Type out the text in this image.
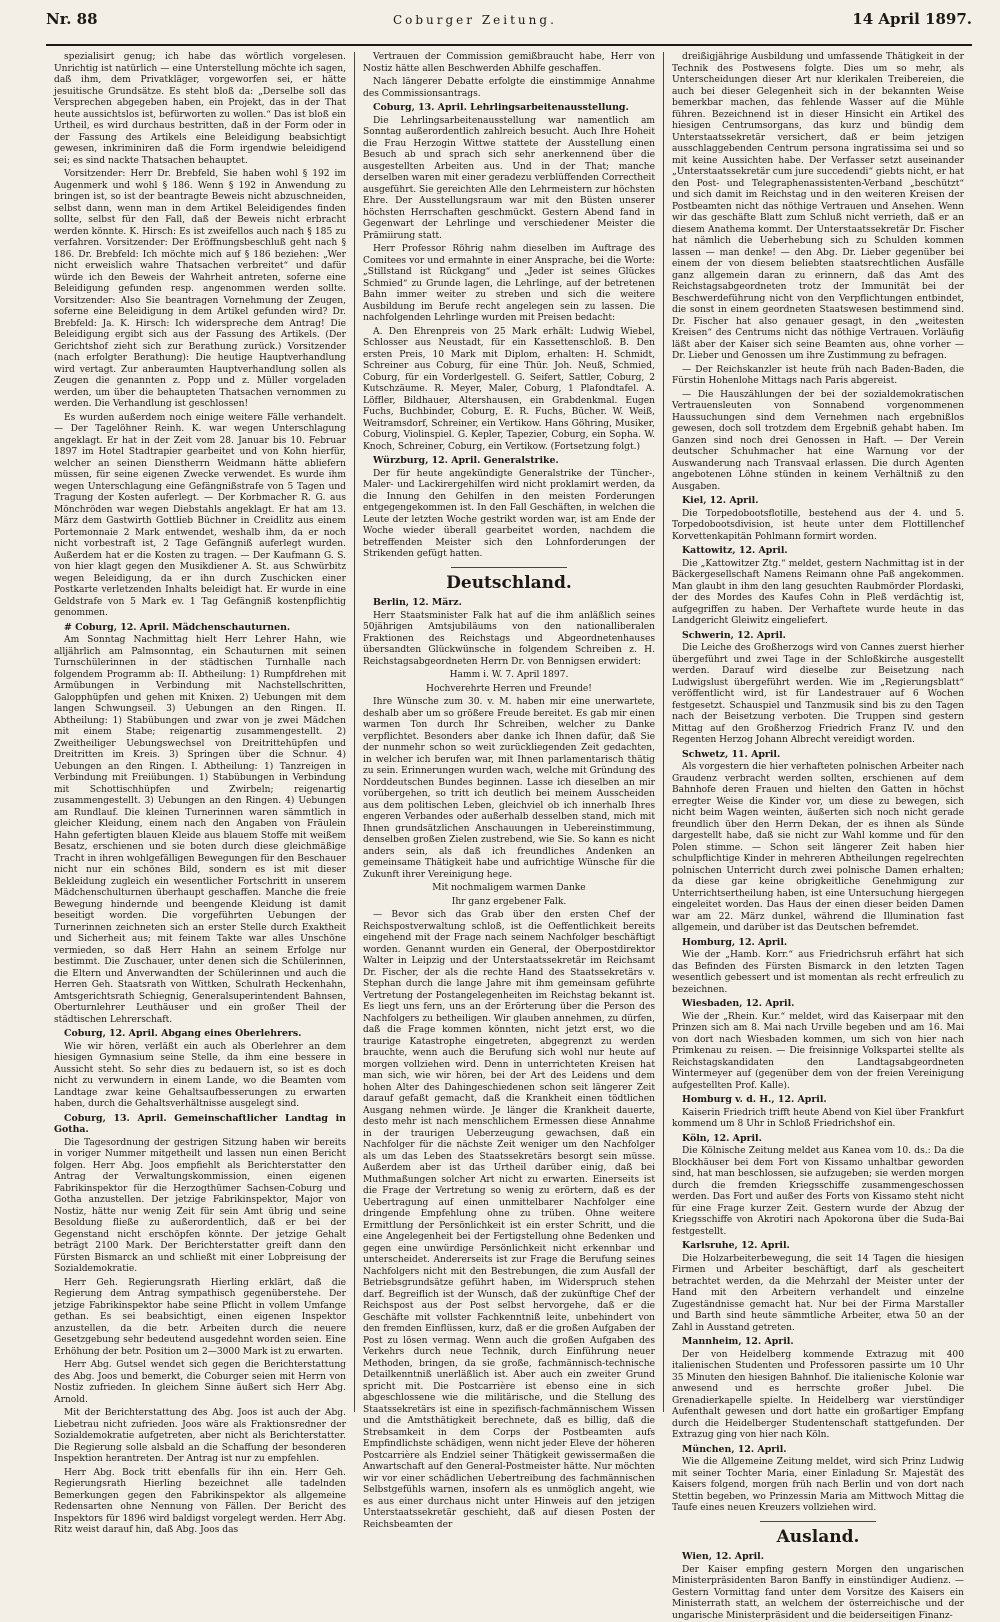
Nr. 88	Coburger Zeitung.	14 April 1897.

spezialisirt genug; ich habe das wörtlich vorgelesen. Unrichtig ist natürlich — eine Unterstellung möchte ich sagen, daß ihm, dem Privatkläger, vorgeworfen sei, er hätte jesuitische Grundsätze. Es steht bloß da: „Derselbe soll das Versprechen abgegeben haben, ein Projekt, das in der That heute aussichtslos ist, befürworten zu wollen.“ Das ist bloß ein Urtheil, es wird durchaus bestritten, daß in der Form oder in der Fassung des Artikels eine Beleidigung beabsichtigt gewesen, inkriminiren daß die Form irgendwie beleidigend sei; es sind nackte Thatsachen behauptet.

Vorsitzender: Herr Dr. Brebfeld, Sie haben wohl § 192 im Augenmerk und wohl § 186. Wenn § 192 in Anwendung zu bringen ist, so ist der beantragte Beweis nicht abzuschneiden, selbst dann, wenn man in dem Artikel Beleidigendes finden sollte, selbst für den Fall, daß der Beweis nicht erbracht werden könnte. K. Hirsch: Es ist zweifellos auch nach § 185 zu verfahren. Vorsitzender: Der Eröffnungsbeschluß geht nach § 186. Dr. Brebfeld: Ich möchte mich auf § 186 beziehen: „Wer nicht erweislich wahre Thatsachen verbreitet“ und dafür würde ich den Beweis der Wahrheit antreten, soferne eine Beleidigung gefunden resp. angenommen werden sollte. Vorsitzender: Also Sie beantragen Vornehmung der Zeugen, soferne eine Beleidigung in dem Artikel gefunden wird? Dr. Brebfeld: Ja. K. Hirsch: Ich widerspreche dem Antrag! Die Beleidigung ergibt sich aus der Fassung des Artikels. (Der Gerichtshof zieht sich zur Berathung zurück.) Vorsitzender (nach erfolgter Berathung): Die heutige Hauptverhandlung wird vertagt. Zur anberaumten Hauptverhandlung sollen als Zeugen die genannten z. Popp und z. Müller vorgeladen werden, um über die behaupteten Thatsachen vernommen zu werden. Die Verhandlung ist geschlossen!

Es wurden außerdem noch einige weitere Fälle verhandelt. — Der Tagelöhner Reinh. K. war wegen Unterschlagung angeklagt. Er hat in der Zeit vom 28. Januar bis 10. Februar 1897 im Hotel Stadtrapier gearbeitet und von Kohn hierfür, welcher an seinen Dienstherrn Weidmann hätte abliefern müssen, für seine eigenen Zwecke verwendet. Es wurde ihm wegen Unterschlagung eine Gefängnißstrafe von 5 Tagen und Tragung der Kosten auferlegt. — Der Korbmacher R. G. aus Mönchröden war wegen Diebstahls angeklagt. Er hat am 13. März dem Gastwirth Gottlieb Büchner in Creidlitz aus einem Portemonnaie 2 Mark entwendet, weshalb ihm, da er noch nicht vorbestraft ist, 2 Tage Gefängniß auferlegt wurden. Außerdem hat er die Kosten zu tragen. — Der Kaufmann G. S. von hier klagt gegen den Musikdiener A. St. aus Schwürbitz wegen Beleidigung, da er ihn durch Zuschicken einer Postkarte verletzenden Inhalts beleidigt hat. Er wurde in eine Geldstrafe von 5 Mark ev. 1 Tag Gefängniß kostenpflichtig genommen.

# Coburg, 12. April. Mädchenschauturnen.

Am Sonntag Nachmittag hielt Herr Lehrer Hahn, wie alljährlich am Palmsonntag, ein Schauturnen mit seinen Turnschülerinnen in der städtischen Turnhalle nach folgendem Programm ab: II. Abtheilung: 1) Rumpfdrehen mit Armübungen in Verbindung mit Nachstellschritten, Galopphüpfen und gehen mit Knixen. 2) Uebungen mit dem langen Schwungseil. 3) Uebungen an den Ringen. II. Abtheilung: 1) Stabübungen und zwar von je zwei Mädchen mit einem Stabe; reigenartig zusammengestellt. 2) Zweitheiliger Uebungswechsel von Dreitrittehüpfen und Dreitritten im Kreis. 3) Springen über die Schnur. 4) Uebungen an den Ringen. I. Abtheilung: 1) Tanzreigen in Verbindung mit Freiübungen. 1) Stabübungen in Verbindung mit Schottischhüpfen und Zwirbeln; reigenartig zusammengestellt. 3) Uebungen an den Ringen. 4) Uebungen am Rundlauf. Die kleinen Turnerinnen waren sämmtlich in gleicher Kleidung, einem nach den Angaben von Fräulein Hahn gefertigten blauen Kleide aus blauem Stoffe mit weißem Besatz, erschienen und sie boten durch diese gleichmäßige Tracht in ihren wohlgefälligen Bewegungen für den Beschauer nicht nur ein schönes Bild, sondern es ist mit dieser Bekleidung zugleich ein wesentlicher Fortschritt in unserem Mädchenschulturnen überhaupt geschaffen. Manche die freie Bewegung hindernde und beengende Kleidung ist damit beseitigt worden. Die vorgeführten Uebungen der Turnerinnen zeichneten sich an erster Stelle durch Exaktheit und Sicherheit aus; mit feinem Takte war alles Unschöne vermieden, so daß Herr Hahn an seinem Erfolge nur bestimmt. Die Zuschauer, unter denen sich die Schülerinnen, die Eltern und Anverwandten der Schülerinnen und auch die Herren Geh. Staatsrath von Wittken, Schulrath Heckenhahn, Amtsgerichtsrath Schiegnig, Generalsuperintendent Bahnsen, Oberturnlehrer Leuthäuser und ein großer Theil der städtischen Lehrerschaft.

Coburg, 12. April. Abgang eines Oberlehrers.

Wie wir hören, verläßt ein auch als Oberlehrer an dem hiesigen Gymnasium seine Stelle, da ihm eine bessere in Aussicht steht. So sehr dies zu bedauern ist, so ist es doch nicht zu verwundern in einem Lande, wo die Beamten vom Landtage zwar keine Gehaltsaufbesserungen zu erwarten haben, durch die Gehaltsverhältnisse ausgelegt sind.

Coburg, 13. April. Gemeinschaftlicher Landtag in Gotha.

Die Tagesordnung der gestrigen Sitzung haben wir bereits in voriger Nummer mitgetheilt und lassen nun einen Bericht folgen. Herr Abg. Joos empfiehlt als Berichterstatter den Antrag der Verwaltungskommission, einen eigenen Fabrikinspektor für die Herzogthümer Sachsen-Coburg und Gotha anzustellen. Der jetzige Fabrikinspektor, Major von Nostiz, hätte nur wenig Zeit für sein Amt übrig und seine Besoldung fließe zu außerordentlich, daß er bei der Gegenstand nicht erschöpfen könnte. Der jetzige Gehalt beträgt 2100 Mark. Der Berichterstatter greift dann den Fürsten Bismarck an und schließt mit einer Lobpreisung der Sozialdemokratie.

Herr Geh. Regierungsrath Hierling erklärt, daß die Regierung dem Antrag sympathisch gegenüberstehe. Der jetzige Fabrikinspektor habe seine Pflicht in vollem Umfange gethan. Es sei beabsichtigt, einen eigenen Inspektor anzustellen, da die betr. Arbeiten durch die neuere Gesetzgebung sehr bedeutend ausgedehnt worden seien. Eine Erhöhung der betr. Position um 2—3000 Mark ist zu erwarten.

Herr Abg. Gutsel wendet sich gegen die Berichterstattung des Abg. Joos und bemerkt, die Coburger seien mit Herrn von Nostiz zufrieden. In gleichem Sinne äußert sich Herr Abg. Arnold.

Mit der Berichterstattung des Abg. Joos ist auch der Abg. Liebetrau nicht zufrieden. Joos wäre als Fraktionsredner der Sozialdemokratie aufgetreten, aber nicht als Berichterstatter. Die Regierung solle alsbald an die Schaffung der besonderen Inspektion herantreten. Der Antrag ist nur zu empfehlen.

Herr Abg. Bock tritt ebenfalls für ihn ein. Herr Geh. Regierungsrath Hierling bezeichnet alle tadelnden Bemerkungen gegen den Fabrikinspektor als allgemeine Redensarten ohne Nennung von Fällen. Der Bericht des Inspektors für 1896 wird baldigst vorgelegt werden. Herr Abg. Ritz weist darauf hin, daß Abg. Joos das

Vertrauen der Commission gemißbraucht habe, Herr von Nostiz hätte allen Beschwerden Abhilfe geschaffen.

Nach längerer Debatte erfolgte die einstimmige Annahme des Commissionsantrags.

Coburg, 13. April. Lehrlingsarbeitenausstellung.

Die Lehrlingsarbeitenausstellung war namentlich am Sonntag außerordentlich zahlreich besucht. Auch Ihre Hoheit die Frau Herzogin Wittwe stattete der Ausstellung einen Besuch ab und sprach sich sehr anerkennend über die ausgestellten Arbeiten aus. Und in der That; manche derselben waren mit einer geradezu verblüffenden Correctheit ausgeführt. Sie gereichten Alle den Lehrmeistern zur höchsten Ehre. Der Ausstellungsraum war mit den Büsten unserer höchsten Herrschaften geschmückt. Gestern Abend fand in Gegenwart der Lehrlinge und verschiedener Meister die Prämiirung statt.

Herr Professor Röhrig nahm dieselben im Auftrage des Comitees vor und ermahnte in einer Ansprache, bei die Worte: „Stillstand ist Rückgang“ und „Jeder ist seines Glückes Schmied“ zu Grunde lagen, die Lehrlinge, auf der betretenen Bahn immer weiter zu streben und sich die weitere Ausbildung im Berufe recht angelegen sein zu lassen. Die nachfolgenden Lehrlinge wurden mit Preisen bedacht:

A. Den Ehrenpreis von 25 Mark erhält: Ludwig Wiebel, Schlosser aus Neustadt, für ein Kassettenschloß. B. Den ersten Preis, 10 Mark mit Diplom, erhalten: H. Schmidt, Schreiner aus Coburg, für eine Thür. Joh. Neuß, Schmied, Coburg, für ein Vorderlgestell. G. Seifert, Sattler, Coburg, 2 Kutschzäume. R. Meyer, Maler, Coburg, 1 Plafondtafel. A. Löffler, Bildhauer, Altershausen, ein Grabdenkmal. Eugen Fuchs, Buchbinder, Coburg, E. R. Fuchs, Bücher. W. Weiß, Weitramsdorf, Schreiner, ein Vertikow. Hans Göhring, Musiker, Coburg, Violinspiel. G. Kepler, Tapezier, Coburg, ein Sopha. W. Knoch, Schreiner, Coburg, ein Vertikow. (Fortsetzung folgt.)

Würzburg, 12. April. Generalstrike.

Der für heute angekündigte Generalstrike der Tüncher-, Maler- und Lackirergehilfen wird nicht proklamirt werden, da die Innung den Gehilfen in den meisten Forderungen entgegengekommen ist. In den Fall Geschäften, in welchen die Leute der letzten Woche gestrikt worden war, ist am Ende der Woche wieder überall gearbeitet worden, nachdem die betreffenden Meister sich den Lohnforderungen der Strikenden gefügt hatten.

Deutschland.
Berlin, 12. März.

Herr Staatsminister Falk hat auf die ihm anläßlich seines 50jährigen Amtsjubiläums von den nationalliberalen Fraktionen des Reichstags und Abgeordnetenhauses übersandten Glückwünsche in folgendem Schreiben z. H. Reichstagsabgeordneten Herrn Dr. von Bennigsen erwidert:

Hamm i. W. 7. April 1897.

Hochverehrte Herren und Freunde!

Ihre Wünsche zum 30. v. M. haben mir eine unerwartete, deshalb aber um so größere Freude bereitet. Es gab mir einen warmen Ton durch Ihr Schreiben, welcher zu Danke verpflichtet. Besonders aber danke ich Ihnen dafür, daß Sie der nunmehr schon so weit zurückliegenden Zeit gedachten, in welcher ich berufen war, mit Ihnen parlamentarisch thätig zu sein. Erinnerungen wurden wach, welche mit Gründung des Norddeutschen Bundes beginnen. Lasse ich dieselben an mir vorübergehen, so tritt ich deutlich bei meinem Ausscheiden aus dem politischen Leben, gleichviel ob ich innerhalb Ihres engeren Verbandes oder außerhalb desselben stand, mich mit Ihnen grundsätzlichen Anschauungen in Uebereinstimmung, denselben großen Zielen zustrebend, wie Sie. So kann es nicht anders sein, als daß ich freundliches Andenken an gemeinsame Thätigkeit habe und aufrichtige Wünsche für die Zukunft ihrer Vereinigung hege.

Mit nochmaligem warmen Danke

Ihr ganz ergebener Falk.

— Bevor sich das Grab über den ersten Chef der Reichspostverwaltung schloß, ist die Oeffentlichkeit bereits eingehend mit der Frage nach seinem Nachfolger beschäftigt worden. Genannt wurden ein General, der Oberpostdirektor Walter in Leipzig und der Unterstaatssekretär im Reichsamt Dr. Fischer, der als die rechte Hand des Staatssekretärs v. Stephan durch die lange Jahre mit ihm gemeinsam geführte Vertretung der Postangelegenheiten im Reichstag bekannt ist. Es liegt uns fern, uns an der Erörterung über die Person des Nachfolgers zu betheiligen. Wir glauben annehmen, zu dürfen, daß die Frage kommen könnten, nicht jetzt erst, wo die traurige Katastrophe eingetreten, abgegrenzt zu werden brauchte, wenn auch die Berufung sich wohl nur heute auf morgen vollziehen wird. Denn in unterrichteten Kreisen hat man sich, wie wir hören, bei der Art des Leidens und dem hohen Alter des Dahingeschiedenen schon seit längerer Zeit darauf gefaßt gemacht, daß die Krankheit einen tödtlichen Ausgang nehmen würde. Je länger die Krankheit dauerte, desto mehr ist nach menschlichem Ermessen diese Annahme in der traurigen Ueberzeugung gewachsen, daß ein Nachfolger für die nächste Zeit weniger um den Nachfolger als um das Leben des Staatssekretärs besorgt sein müsse. Außerdem aber ist das Urtheil darüber einig, daß bei Muthmaßungen solcher Art nicht zu erwarten. Einerseits ist die Frage der Vertretung so wenig zu erörtern, daß es der Uebertragung auf einen unmittelbarer Nachfolger eine dringende Empfehlung ohne zu trüben. Ohne weitere Ermittlung der Persönlichkeit ist ein erster Schritt, und die eine Angelegenheit bei der Fertigstellung ohne Bedenken und gegen eine unwürdige Persönlichkeit nicht erkennbar und unterscheidet. Andererseits ist zur Frage die Berufung seines Nachfolgers nicht mit den Bestrebungen, die zum Ausfall der Betriebsgrundsätze geführt haben, im Widerspruch stehen darf. Begreiflich ist der Wunsch, daß der zukünftige Chef der Reichspost aus der Post selbst hervorgehe, daß er die Geschäfte mit vollster Fachkenntniß leite, unbehindert von den fremden Einflüssen, kurz, daß er die großen Aufgaben der Post zu lösen vermag. Wenn auch die großen Aufgaben des Verkehrs durch neue Technik, durch Einführung neuer Methoden, bringen, da sie große, fachmännisch-technische Detailkenntniß unerläßlich ist. Aber auch ein zweiter Grund spricht mit. Die Postcarrière ist ebenso eine in sich abgeschlossene wie die militärische, und die Stellung des Staatssekretärs ist eine in spezifisch-fachmännischem Wissen und die Amtsthätigkeit berechnete, daß es billig, daß die Strebsamkeit in dem Corps der Postbeamten aufs Empfindlichste schädigen, wenn nicht jeder Eleve der höheren Postcarrière als Endziel seiner Thätigkeit gewissermaßen die Anwartschaft auf den General-Postmeister hätte. Nur möchten wir vor einer schädlichen Uebertreibung des fachmännischen Selbstgefühls warnen, insofern als es unmöglich angeht, wie es aus einer durchaus nicht unter Hinweis auf den jetzigen Unterstaatssekretär geschieht, daß auf diesen Posten der Reichsbeamten der

dreißigjährige Ausbildung und umfassende Thätigkeit in der Technik des Postwesens folgte. Dies um so mehr, als Unterscheidungen dieser Art nur klerikalen Treibereien, die auch bei dieser Gelegenheit sich in der bekannten Weise bemerkbar machen, das fehlende Wasser auf die Mühle führen. Bezeichnend ist in dieser Hinsicht ein Artikel des hiesigen Centrumsorgans, das kurz und bündig dem Unterstaatssekretär versichert, daß er beim jetzigen ausschlaggebenden Centrum persona ingratissima sei und so mit keine Aussichten habe. Der Verfasser setzt auseinander „Unterstaatssekretär cum jure succedendi“ giebts nicht, er hat den Post- und Telegraphenassistenten-Verband „beschützt“ und sich damit im Reichstag und in den weiteren Kreisen der Postbeamten nicht das nöthige Vertrauen und Ansehen. Wenn wir das geschäfte Blatt zum Schluß nicht verrieth, daß er an diesem Anathema kommt. Der Unterstaatssekretär Dr. Fischer hat nämlich die Ueberhebung sich zu Schulden kommen lassen — man denke! — den Abg. Dr. Lieber gegenüber bei einem der von diesem beliebten staatsrechtlichen Ausfälle ganz allgemein daran zu erinnern, daß das Amt des Reichstagsabgeordneten trotz der Immunität bei der Beschwerdeführung nicht von den Verpflichtungen entbindet, die sonst in einem geordneten Staatswesen bestimmend sind. Dr. Fischer hat also genauer gesagt, in den „weitesten Kreisen“ des Centrums nicht das nöthige Vertrauen. Vorläufig läßt aber der Kaiser sich seine Beamten aus, ohne vorher — Dr. Lieber und Genossen um ihre Zustimmung zu befragen.

— Der Reichskanzler ist heute früh nach Baden-Baden, die Fürstin Hohenlohe Mittags nach Paris abgereist.

— Die Hauszählungen der bei der sozialdemokratischen Vertrauensleuten von Sonnabend vorgenommenen Haussuchungen sind dem Vernehmen nach ergebnißlos gewesen, doch soll trotzdem dem Ergebniß gehabt haben. Im Ganzen sind noch drei Genossen in Haft. — Der Verein deutscher Schuhmacher hat eine Warnung vor der Auswanderung nach Transvaal erlassen. Die durch Agenten angebotenen Löhne stünden in keinem Verhältniß zu den Ausgaben.

Kiel, 12. April.

Die Torpedobootsflotille, bestehend aus der 4. und 5. Torpedobootsdivision, ist heute unter dem Flottillenchef Korvettenkapitän Pohlmann formirt worden.

Kattowitz, 12. April.

Die „Kattowitzer Ztg.“ meldet, gestern Nachmittag ist in der Bäckergesellschaft Namens Reimann ohne Paß angekommen. Man glaubt in ihm den lang gesuchten Raubmörder Plordaski, der des Mordes des Kaufes Cohn in Pleß verdächtig ist, aufgegriffen zu haben. Der Verhaftete wurde heute in das Landgericht Gleiwitz eingeliefert.

Schwerin, 12. April.

Die Leiche des Großherzogs wird von Cannes zuerst hierher übergeführt und zwei Tage in der Schloßkirche ausgestellt werden. Darauf wird dieselbe zur Beisetzung nach Ludwigslust übergeführt werden. Wie im „Regierungsblatt“ veröffentlicht wird, ist für Landestrauer auf 6 Wochen festgesetzt. Schauspiel und Tanzmusik sind bis zu den Tagen nach der Beisetzung verboten. Die Truppen sind gestern Mittag auf den Großherzog Friedrich Franz IV. und den Regenten Herzog Johann Albrecht vereidigt worden.

Schwetz, 11. April.

Als vorgestern die hier verhafteten polnischen Arbeiter nach Graudenz verbracht werden sollten, erschienen auf dem Bahnhofe deren Frauen und hielten den Gatten in höchst erregter Weise die Kinder vor, um diese zu bewegen, sich nicht beim Wagen weinten, äußerten sich noch nicht gerade freundlich über den Herrn Dekan, der es ihnen als Sünde dargestellt habe, daß sie nicht zur Wahl komme und für den Polen stimme. — Schon seit längerer Zeit haben hier schulpflichtige Kinder in mehreren Abtheilungen regelrechten polnischen Unterricht durch zwei polnische Damen erhalten; da diese gar keine obrigkeitliche Genehmigung zur Unterrichtsertheilung haben, ist eine Untersuchung hiergegen eingeleitet worden. Das Haus der einen dieser beiden Damen war am 22. März dunkel, während die Illumination fast allgemein, und darüber ist das Deutschen befremdet.

Homburg, 12. April.

Wie der „Hamb. Korr.“ aus Friedrichsruh erfährt hat sich das Befinden des Fürsten Bismarck in den letzten Tagen wesentlich gebessert und ist momentan als recht erfreulich zu bezeichnen.

Wiesbaden, 12. April.

Wie der „Rhein. Kur.“ meldet, wird das Kaiserpaar mit den Prinzen sich am 8. Mai nach Urville begeben und am 16. Mai von dort nach Wiesbaden kommen, um sich von hier nach Primkenau zu reisen. — Die freisinnige Volkspartei stellte als Reichstagskandidaten den Landtagsabgeordneten Wintermeyer auf (gegenüber dem von der freien Vereinigung aufgestellten Prof. Kalle).

Homburg v. d. H., 12. April.

Kaiserin Friedrich trifft heute Abend von Kiel über Frankfurt kommend um 8 Uhr in Schloß Friedrichshof ein.

Köln, 12. April.

Die Kölnische Zeitung meldet aus Kanea vom 10. ds.: Da die Blockhäuser bei dem Fort von Kissamo unhaltbar geworden sind, hat man beschlossen, sie aufzugeben; sie werden morgen durch die fremden Kriegsschiffe zusammengeschossen werden. Das Fort und außer des Forts von Kissamo steht nicht für eine Frage kurzer Zeit. Gestern wurde der Abzug der Kriegsschiffe von Akrotiri nach Apokorona über die Suda-Bai festgestellt.

Karlsruhe, 12. April.

Die Holzarbeiterbewegung, die seit 14 Tagen die hiesigen Firmen und Arbeiter beschäftigt, darf als gescheitert betrachtet werden, da die Mehrzahl der Meister unter der Hand mit den Arbeitern verhandelt und einzelne Zugeständnisse gemacht hat. Nur bei der Firma Marstaller und Barth sind heute sämmtliche Arbeiter, etwa 50 an der Zahl in Ausstand getreten.

Mannheim, 12. April.

Der von Heidelberg kommende Extrazug mit 400 italienischen Studenten und Professoren passirte um 10 Uhr 35 Minuten den hiesigen Bahnhof. Die italienische Kolonie war anwesend und es herrschte großer Jubel. Die Grenadierkapelle spielte. In Heidelberg war vierstündiger Aufenthalt gewesen und dort hatte ein großartiger Empfang durch die Heidelberger Studentenschaft stattgefunden. Der Extrazug ging von hier nach Köln.

München, 12. April.

Wie die Allgemeine Zeitung meldet, wird sich Prinz Ludwig mit seiner Tochter Maria, einer Einladung Sr. Majestät des Kaisers folgend, morgen früh nach Berlin und von dort nach Stettin begeben, wo Prinzessin Maria am Mittwoch Mittag die Taufe eines neuen Kreuzers vollziehen wird.

Ausland.
Wien, 12. April.

Der Kaiser empfing gestern Morgen den ungarischen Ministerpräsidenten Baron Banffy in einstündiger Audienz. — Gestern Vormittag fand unter dem Vorsitze des Kaisers ein Ministerrath statt, an welchem der österreichische und der ungarische Ministerpräsident und die beiderseitigen Finanz-
